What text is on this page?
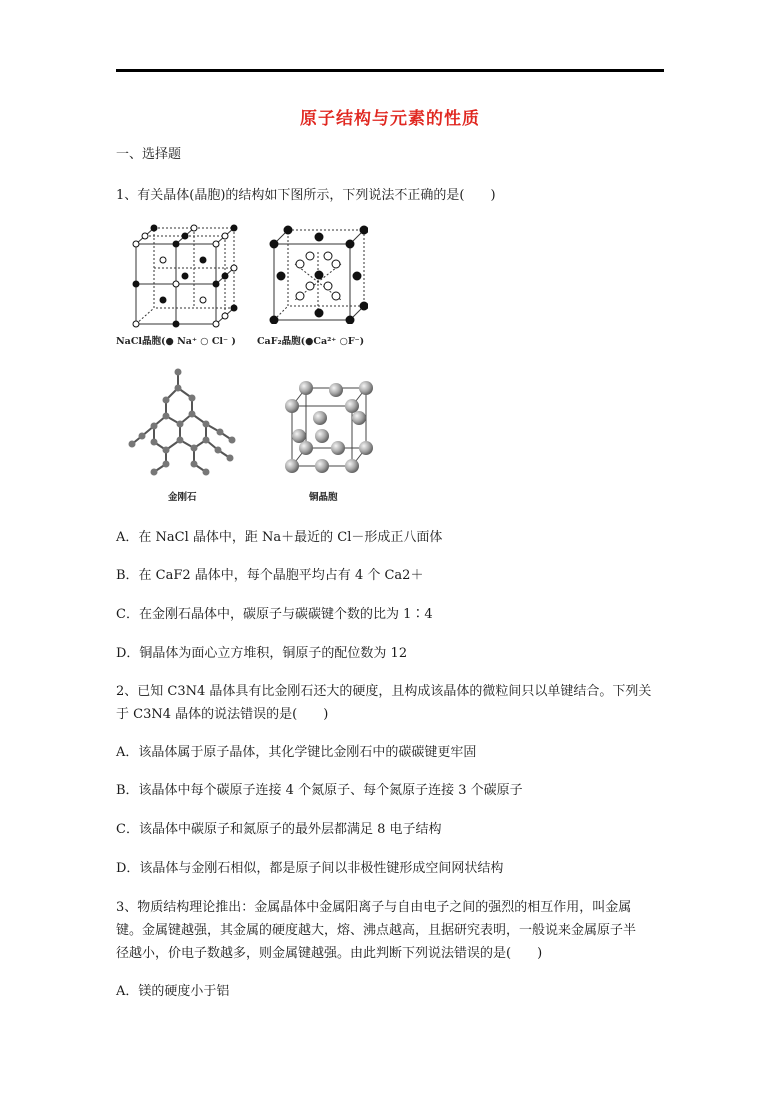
原子结构与元素的性质
一、选择题
1、有关晶体(晶胞)的结构如下图所示，下列说法不正确的是(　　)
NaCl晶胞(● Na⁺ ○ Cl⁻ ) CaF₂晶胞(●Ca²⁺ ○F⁻)
金刚石	铜晶胞
A．在 NaCl 晶体中，距 Na＋最近的 Cl－形成正八面体
B．在 CaF2 晶体中，每个晶胞平均占有 4 个 Ca2＋
C．在金刚石晶体中，碳原子与碳碳键个数的比为 1∶4
D．铜晶体为面心立方堆积，铜原子的配位数为 12
2、已知 C3N4 晶体具有比金刚石还大的硬度，且构成该晶体的微粒间只以单键结合。下列关
于 C3N4 晶体的说法错误的是(　　)
A．该晶体属于原子晶体，其化学键比金刚石中的碳碳键更牢固
B．该晶体中每个碳原子连接 4 个氮原子、每个氮原子连接 3 个碳原子
C．该晶体中碳原子和氮原子的最外层都满足 8 电子结构
D．该晶体与金刚石相似，都是原子间以非极性键形成空间网状结构
3、物质结构理论推出：金属晶体中金属阳离子与自由电子之间的强烈的相互作用，叫金属
键。金属键越强，其金属的硬度越大，熔、沸点越高，且据研究表明，一般说来金属原子半
径越小，价电子数越多，则金属键越强。由此判断下列说法错误的是(　　)
A．镁的硬度小于铝
